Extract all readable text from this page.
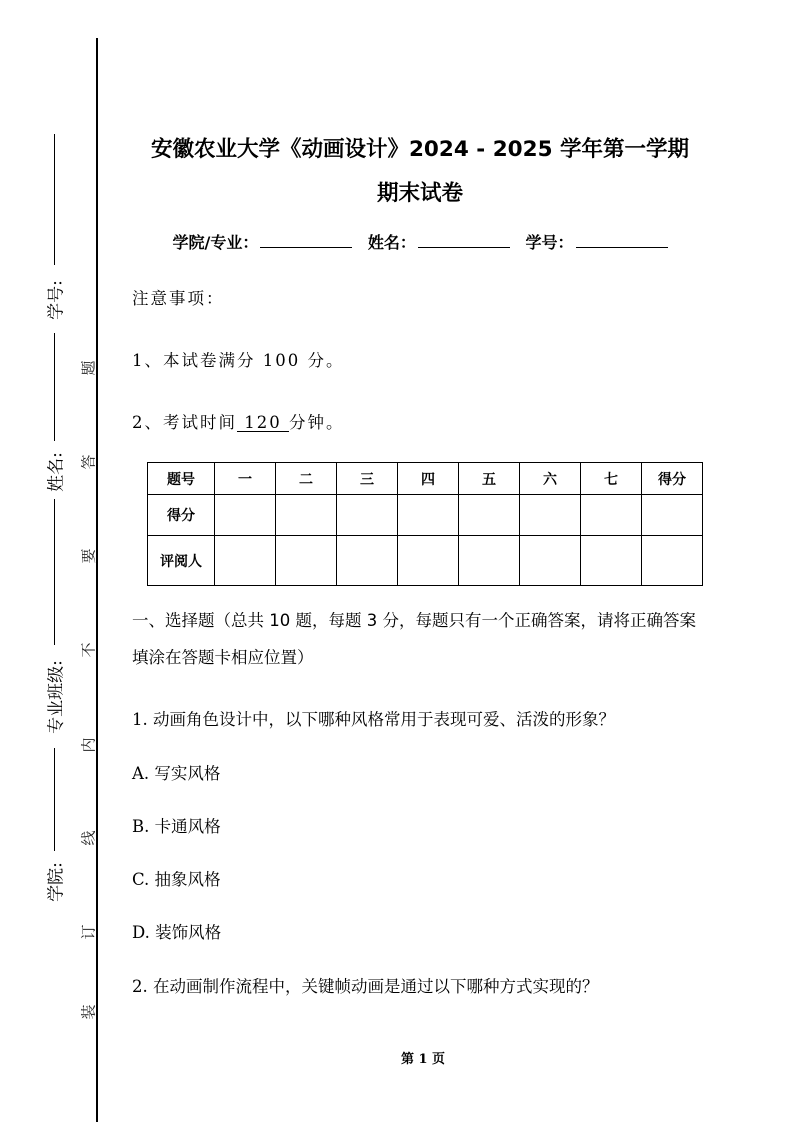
学号:
姓名:
专业班级:
学院:
题
答
要
不
内
线
订
装
安徽农业大学《动画设计》2024 - 2025 学年第一学期
期末试卷
学院/专业：	姓名：	学号：
注意事项：
1、本试卷满分 100 分。
2、考试时间 120 分钟。
题号	一	二	三	四	五	六	七	得分
得分								
评阅人								
一、选择题（总共 10 题，每题 3 分，每题只有一个正确答案，请将正确答案填涂在答题卡相应位置）
1. 动画角色设计中，以下哪种风格常用于表现可爱、活泼的形象？
A. 写实风格
B. 卡通风格
C. 抽象风格
D. 装饰风格
2. 在动画制作流程中，关键帧动画是通过以下哪种方式实现的？
第 1 页
